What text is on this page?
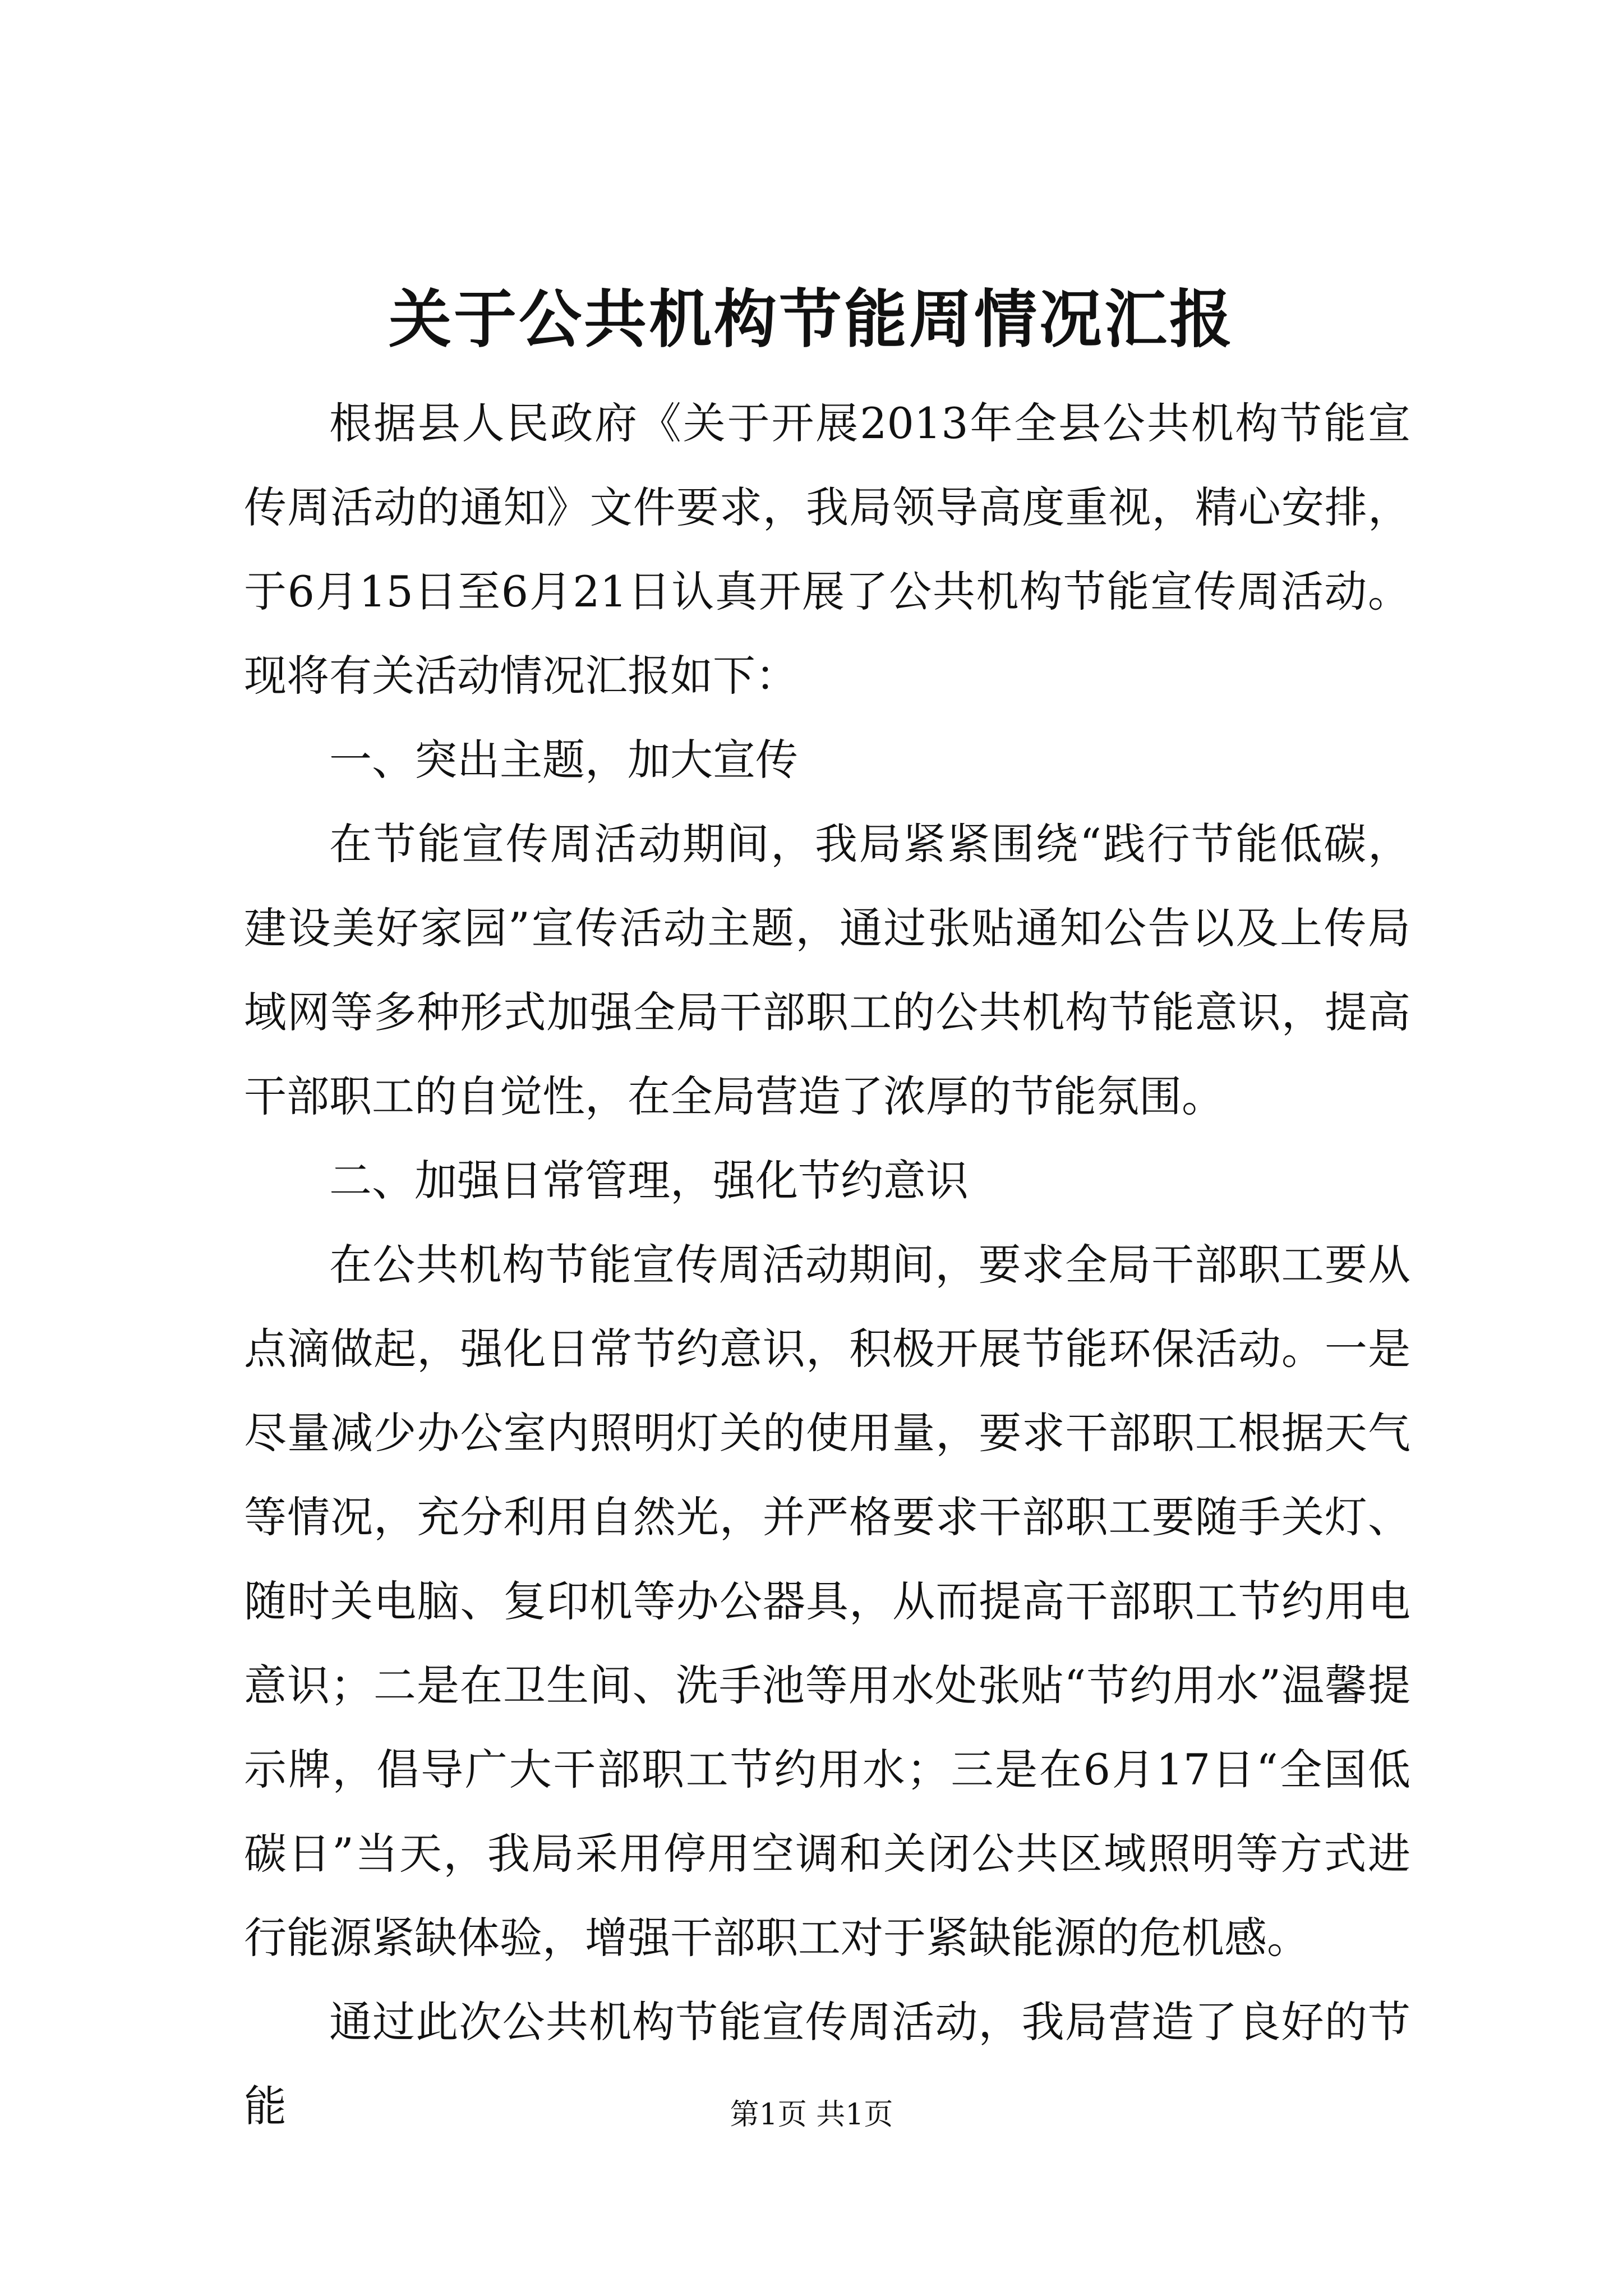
关于公共机构节能周情况汇报

根据县人民政府《关于开展2013年全县公共机构节能宣传周活动的通知》文件要求，我局领导高度重视，精心安排，于6月15日至6月21日认真开展了公共机构节能宣传周活动。现将有关活动情况汇报如下：

一、突出主题，加大宣传

在节能宣传周活动期间，我局紧紧围绕“践行节能低碳，建设美好家园”宣传活动主题，通过张贴通知公告以及上传局域网等多种形式加强全局干部职工的公共机构节能意识，提高干部职工的自觉性，在全局营造了浓厚的节能氛围。

二、加强日常管理，强化节约意识

在公共机构节能宣传周活动期间，要求全局干部职工要从点滴做起，强化日常节约意识，积极开展节能环保活动。一是尽量减少办公室内照明灯关的使用量，要求干部职工根据天气等情况，充分利用自然光，并严格要求干部职工要随手关灯、随时关电脑、复印机等办公器具，从而提高干部职工节约用电意识；二是在卫生间、洗手池等用水处张贴“节约用水”温馨提示牌，倡导广大干部职工节约用水；三是在6月17日“全国低碳日”当天，我局采用停用空调和关闭公共区域照明等方式进行能源紧缺体验，增强干部职工对于紧缺能源的危机感。

通过此次公共机构节能宣传周活动，我局营造了良好的节能	第1页 共1页
